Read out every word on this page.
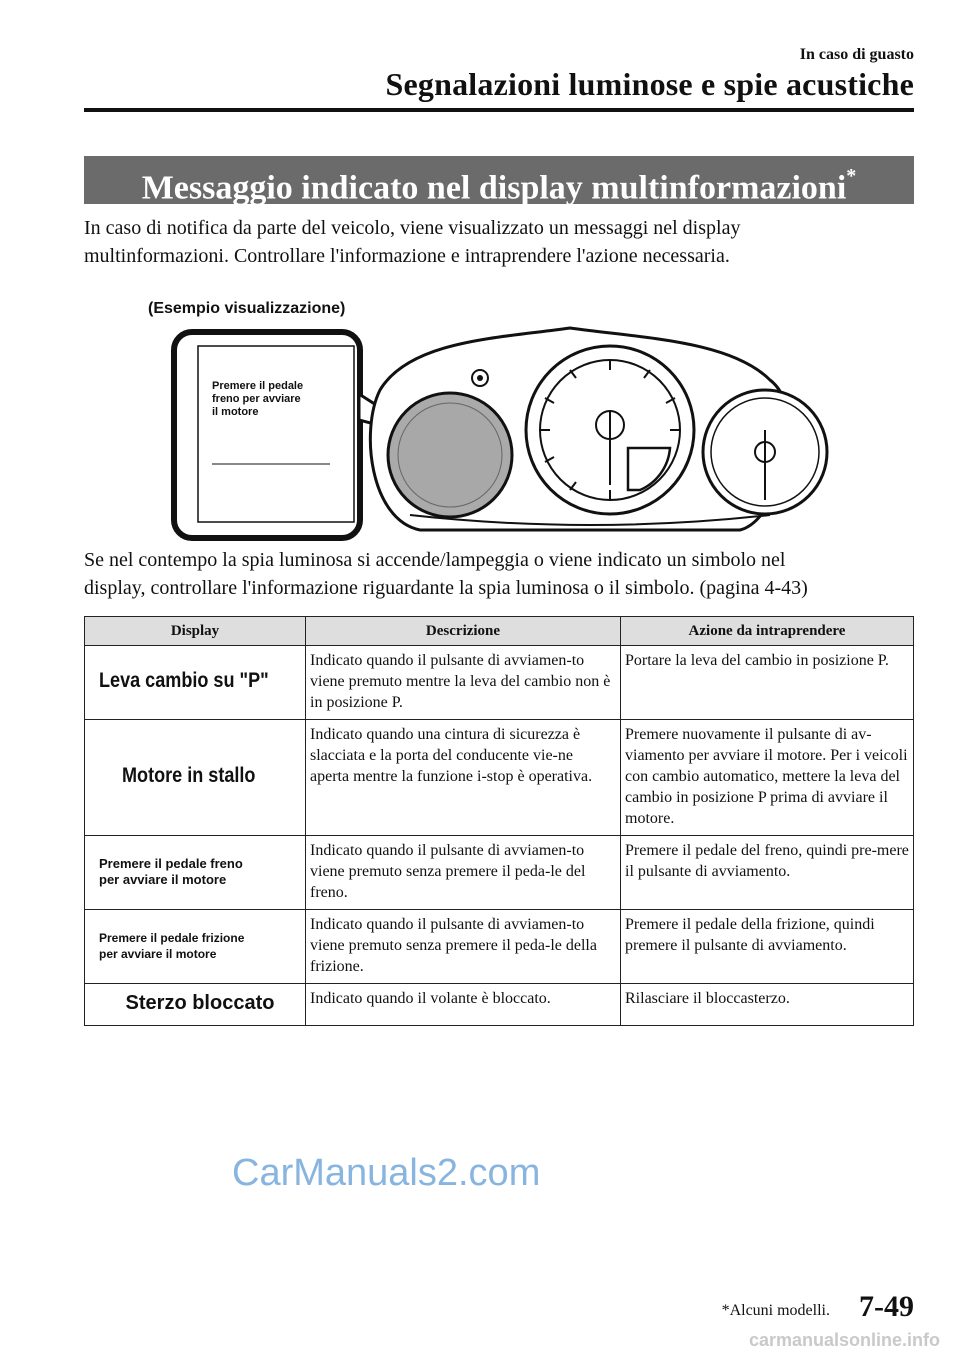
In caso di guasto
Segnalazioni luminose e spie acustiche
Messaggio indicato nel display multinformazioni*

In caso di notifica da parte del veicolo, viene visualizzato un messaggi nel display

multinformazioni. Controllare l'informazione e intraprendere l'azione necessaria.

(Esempio visualizzazione)
Premere il pedale
freno per avviare
il motore

Se nel contempo la spia luminosa si accende/lampeggia o viene indicato un simbolo nel

display, controllare l'informazione riguardante la spia luminosa o il simbolo. (pagina 4-43)

Display	Descrizione	Azione da intraprendere
Leva cambio su "P"	Indicato quando il pulsante di avviamen-to viene premuto mentre la leva del cambio non è in posizione P.	Portare la leva del cambio in posizione P.
Motore in stallo	Indicato quando una cintura di sicurezza è slacciata e la porta del conducente vie-ne aperta mentre la funzione i-stop è operativa.	Premere nuovamente il pulsante di av-viamento per avviare il motore. Per i veicoli con cambio automatico, mettere la leva del cambio in posizione P prima di avviare il motore.

Premere il pedale freno
per avviare il motore	Indicato quando il pulsante di avviamen-to viene premuto senza premere il peda-le del freno.	Premere il pedale del freno, quindi pre-mere il pulsante di avviamento.

Premere il pedale frizione
per avviare il motore	Indicato quando il pulsante di avviamen-to viene premuto senza premere il peda-le della frizione.	Premere il pedale della frizione, quindi premere il pulsante di avviamento.
Sterzo bloccato	Indicato quando il volante è bloccato.	Rilasciare il bloccasterzo.
CarManuals2.com
*Alcuni modelli. 7-49
carmanualsonline.info
